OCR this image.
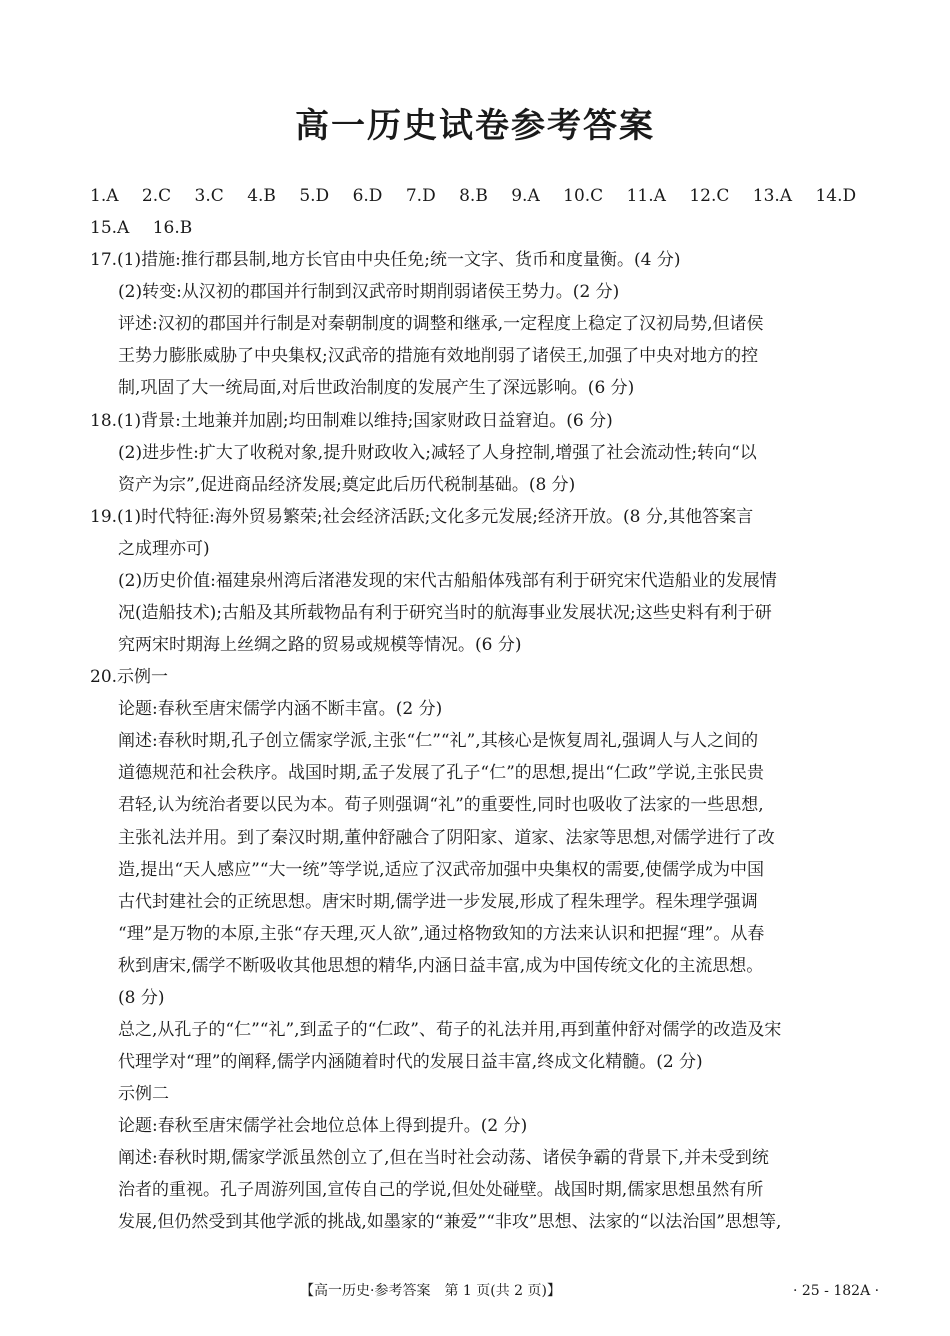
高一历史试卷参考答案
1.A 2.C 3.C 4.B 5.D 6.D 7.D 8.B 9.A 10.C 11.A 12.C 13.A 14.D
15.A 16.B
17.(1)措施:推行郡县制,地方长官由中央任免;统一文字、货币和度量衡。(4 分)
(2)转变:从汉初的郡国并行制到汉武帝时期削弱诸侯王势力。(2 分)
评述:汉初的郡国并行制是对秦朝制度的调整和继承,一定程度上稳定了汉初局势,但诸侯
王势力膨胀威胁了中央集权;汉武帝的措施有效地削弱了诸侯王,加强了中央对地方的控
制,巩固了大一统局面,对后世政治制度的发展产生了深远影响。(6 分)
18.(1)背景:土地兼并加剧;均田制难以维持;国家财政日益窘迫。(6 分)
(2)进步性:扩大了收税对象,提升财政收入;减轻了人身控制,增强了社会流动性;转向“以
资产为宗”,促进商品经济发展;奠定此后历代税制基础。(8 分)
19.(1)时代特征:海外贸易繁荣;社会经济活跃;文化多元发展;经济开放。(8 分,其他答案言
之成理亦可)
(2)历史价值:福建泉州湾后渚港发现的宋代古船船体残部有利于研究宋代造船业的发展情
况(造船技术);古船及其所载物品有利于研究当时的航海事业发展状况;这些史料有利于研
究两宋时期海上丝绸之路的贸易或规模等情况。(6 分)
20.示例一
论题:春秋至唐宋儒学内涵不断丰富。(2 分)
阐述:春秋时期,孔子创立儒家学派,主张“仁”“礼”,其核心是恢复周礼,强调人与人之间的
道德规范和社会秩序。战国时期,孟子发展了孔子“仁”的思想,提出“仁政”学说,主张民贵
君轻,认为统治者要以民为本。荀子则强调“礼”的重要性,同时也吸收了法家的一些思想,
主张礼法并用。到了秦汉时期,董仲舒融合了阴阳家、道家、法家等思想,对儒学进行了改
造,提出“天人感应”“大一统”等学说,适应了汉武帝加强中央集权的需要,使儒学成为中国
古代封建社会的正统思想。唐宋时期,儒学进一步发展,形成了程朱理学。程朱理学强调
“理”是万物的本原,主张“存天理,灭人欲”,通过格物致知的方法来认识和把握“理”。从春
秋到唐宋,儒学不断吸收其他思想的精华,内涵日益丰富,成为中国传统文化的主流思想。
(8 分)
总之,从孔子的“仁”“礼”,到孟子的“仁政”、荀子的礼法并用,再到董仲舒对儒学的改造及宋
代理学对“理”的阐释,儒学内涵随着时代的发展日益丰富,终成文化精髓。(2 分)
示例二
论题:春秋至唐宋儒学社会地位总体上得到提升。(2 分)
阐述:春秋时期,儒家学派虽然创立了,但在当时社会动荡、诸侯争霸的背景下,并未受到统
治者的重视。孔子周游列国,宣传自己的学说,但处处碰壁。战国时期,儒家思想虽然有所
发展,但仍然受到其他学派的挑战,如墨家的“兼爱”“非攻”思想、法家的“以法治国”思想等,
【高一历史·参考答案　第 1 页(共 2 页)】	· 25 - 182A ·
